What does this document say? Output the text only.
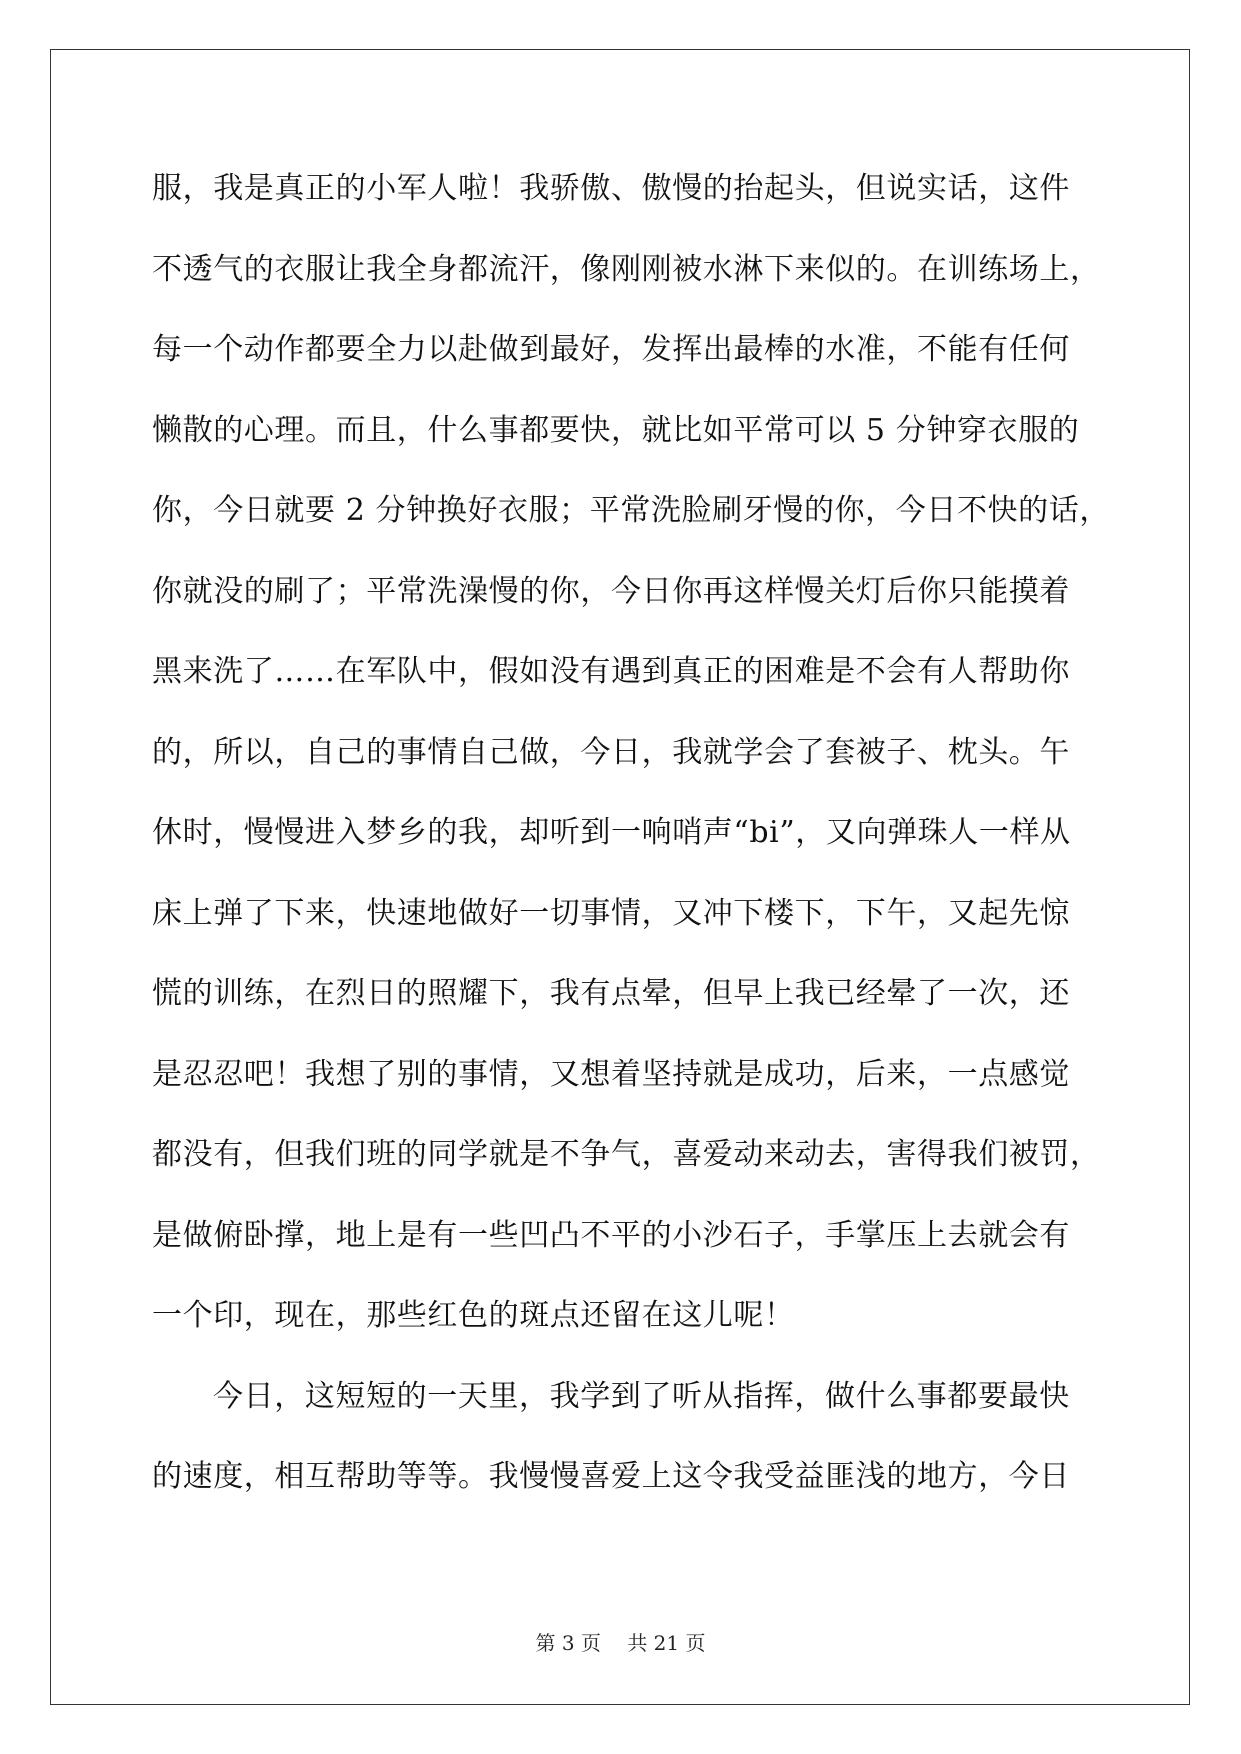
服，我是真正的小军人啦！我骄傲、傲慢的抬起头，但说实话，这件
不透气的衣服让我全身都流汗，像刚刚被水淋下来似的。在训练场上，
每一个动作都要全力以赴做到最好，发挥出最棒的水准，不能有任何
懒散的心理。而且，什么事都要快，就比如平常可以 5 分钟穿衣服的
你，今日就要 2 分钟换好衣服；平常洗脸刷牙慢的你，今日不快的话，
你就没的刷了；平常洗澡慢的你，今日你再这样慢关灯后你只能摸着
黑来洗了……在军队中，假如没有遇到真正的困难是不会有人帮助你
的，所以，自己的事情自己做，今日，我就学会了套被子、枕头。午
休时，慢慢进入梦乡的我，却听到一响哨声“bi”，又向弹珠人一样从
床上弹了下来，快速地做好一切事情，又冲下楼下，下午，又起先惊
慌的训练，在烈日的照耀下，我有点晕，但早上我已经晕了一次，还
是忍忍吧！我想了别的事情，又想着坚持就是成功，后来，一点感觉
都没有，但我们班的同学就是不争气，喜爱动来动去，害得我们被罚，
是做俯卧撑，地上是有一些凹凸不平的小沙石子，手掌压上去就会有
一个印，现在，那些红色的斑点还留在这儿呢！
今日，这短短的一天里，我学到了听从指挥，做什么事都要最快
的速度，相互帮助等等。我慢慢喜爱上这令我受益匪浅的地方，今日
第 3 页 共 21 页
